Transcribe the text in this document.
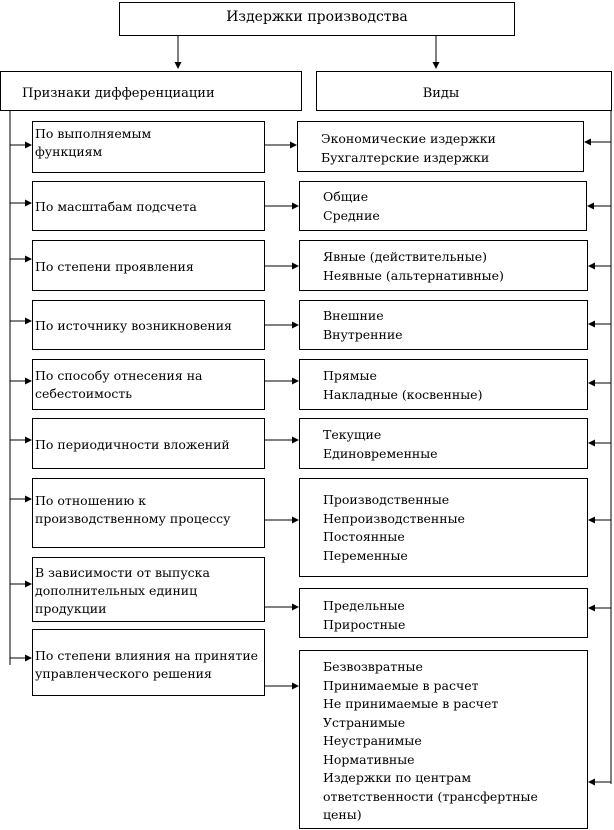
Издержки производства
Признаки дифференциации	Виды
По выполняемым
функциям
По масштабам подсчета
По степени проявления
По источнику возникновения
По способу отнесения на
себестоимость
По периодичности вложений
По отношению к
производственному процессу
В зависимости от выпуска
дополнительных единиц
продукции
По степени влияния на принятие
управленческого решения
Экономические издержки
Бухгалтерские издержки
Общие
Средние
Явные (действительные)
Неявные (альтернативные)
Внешние
Внутренние
Прямые
Накладные (косвенные)
Текущие
Единовременные
Производственные
Непроизводственные
Постоянные
Переменные
Предельные
Приростные
Безвозвратные
Принимаемые в расчет
Не принимаемые в расчет
Устранимые
Неустранимые
Нормативные
Издержки по центрам
ответственности (трансфертные
цены)
